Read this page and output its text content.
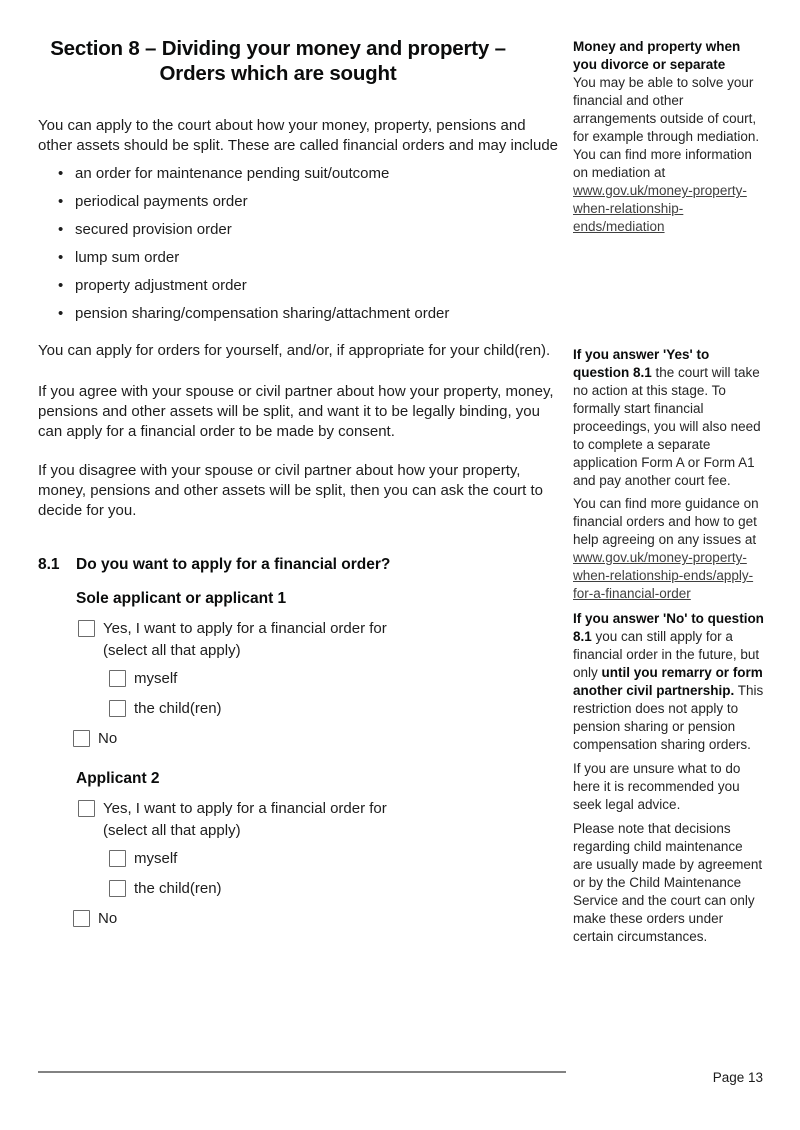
Section 8 – Dividing your money and property –
Orders which are sought

You can apply to the court about how your money, property, pensions and other assets should be split. These are called financial orders and may include

• an order for maintenance pending suit/outcome
• periodical payments order
• secured provision order
• lump sum order
• property adjustment order
• pension sharing/compensation sharing/attachment order

You can apply for orders for yourself, and/or, if appropriate for your child(ren).

If you agree with your spouse or civil partner about how your property, money, pensions and other assets will be split, and want it to be legally binding, you can apply for a financial order to be made by consent.

If you disagree with your spouse or civil partner about how your property, money, pensions and other assets will be split, then you can ask the court to decide for you.

8.1	Do you want to apply for a financial order?
Sole applicant or applicant 1
Yes, I want to apply for a financial order for
(select all that apply)
myself
the child(ren)
No
Applicant 2
Yes, I want to apply for a financial order for
(select all that apply)
myself
the child(ren)
No
Money and property when you divorce or separate
You may be able to solve your financial and other arrangements outside of court, for example through mediation. You can find more information on mediation at www.gov.uk/money-property-when-relationship-ends/mediation
If you answer 'Yes' to question 8.1 the court will take no action at this stage. To formally start financial proceedings, you will also need to complete a separate application Form A or Form A1 and pay another court fee.
You can find more guidance on financial orders and how to get help agreeing on any issues at www.gov.uk/money-property-when-relationship-ends/apply-for-a-financial-order
If you answer 'No' to question 8.1 you can still apply for a financial order in the future, but only until you remarry or form another civil partnership. This restriction does not apply to pension sharing or pension compensation sharing orders.
If you are unsure what to do here it is recommended you seek legal advice.
Please note that decisions regarding child maintenance are usually made by agreement or by the Child Maintenance Service and the court can only make these orders under certain circumstances.
Page 13
